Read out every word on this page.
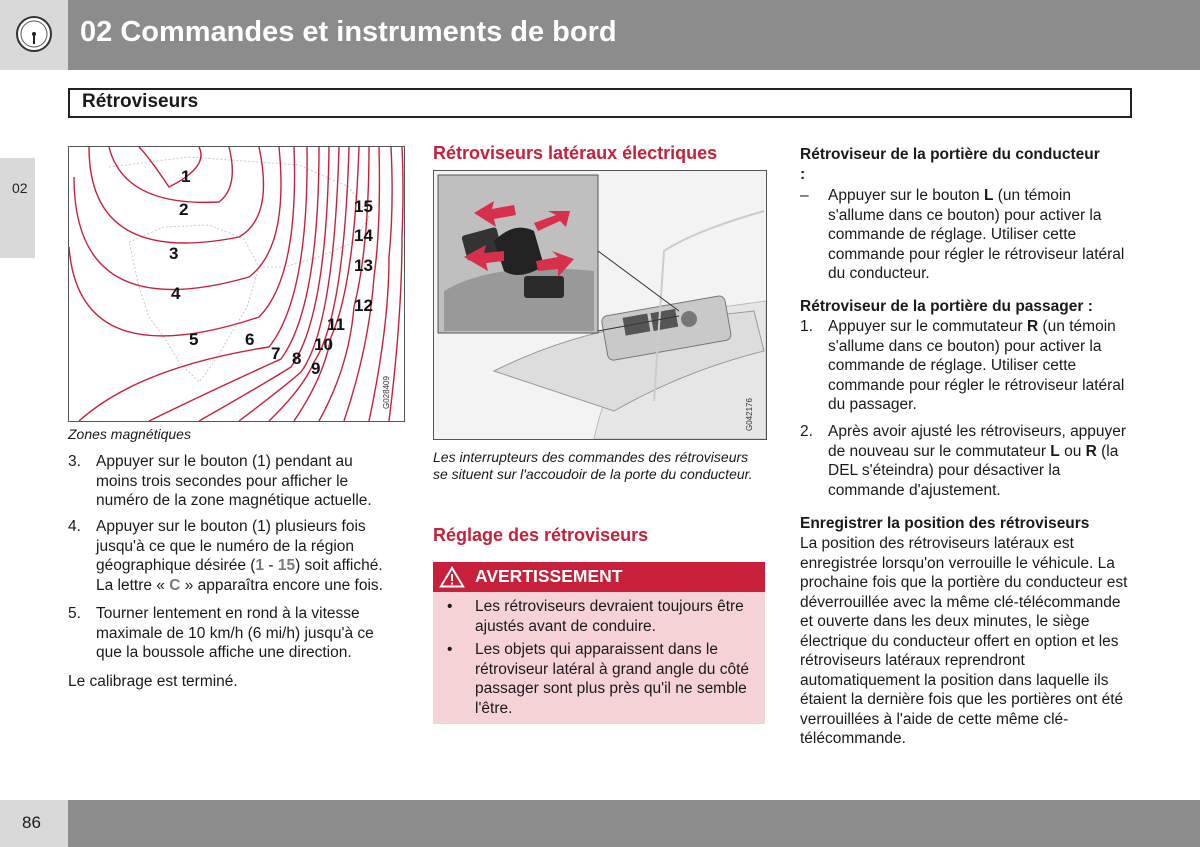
02 Commandes et instruments de bord
Rétroviseurs
02
1
2
3
4
5	6
7 8
9
10
11
12
13
14
15
G028409
Zones magnétiques
3. Appuyer sur le bouton (1) pendant au moins trois secondes pour afficher le numéro de la zone magnétique actuelle.
4. Appuyer sur le bouton (1) plusieurs fois jusqu'à ce que le numéro de la région géographique désirée (1 - 15) soit affiché. La lettre « C » apparaîtra encore une fois.
5. Tourner lentement en rond à la vitesse maximale de 10 km/h (6 mi/h) jusqu'à ce que la boussole affiche une direction.
Le calibrage est terminé.
Rétroviseurs latéraux électriques
G042176
Les interrupteurs des commandes des rétroviseurs se situent sur l'accoudoir de la porte du conducteur.
Réglage des rétroviseurs
AVERTISSEMENT
• Les rétroviseurs devraient toujours être ajustés avant de conduire.
• Les objets qui apparaissent dans le rétroviseur latéral à grand angle du côté passager sont plus près qu'il ne semble l'être.
Rétroviseur de la portière du conducteur :
– Appuyer sur le bouton L (un témoin s'allume dans ce bouton) pour activer la commande de réglage. Utiliser cette commande pour régler le rétroviseur latéral du conducteur.
Rétroviseur de la portière du passager :
1. Appuyer sur le commutateur R (un témoin s'allume dans ce bouton) pour activer la commande de réglage. Utiliser cette commande pour régler le rétroviseur latéral du passager.
2. Après avoir ajusté les rétroviseurs, appuyer de nouveau sur le commutateur L ou R (la DEL s'éteindra) pour désactiver la commande d'ajustement.
Enregistrer la position des rétroviseurs
La position des rétroviseurs latéraux est enregistrée lorsqu'on verrouille le véhicule. La prochaine fois que la portière du conducteur est déverrouillée avec la même clé-télécommande et ouverte dans les deux minutes, le siège électrique du conducteur offert en option et les rétroviseurs latéraux reprendront automatiquement la position dans laquelle ils étaient la dernière fois que les portières ont été verrouillées à l'aide de cette même clé-télécommande.
86
